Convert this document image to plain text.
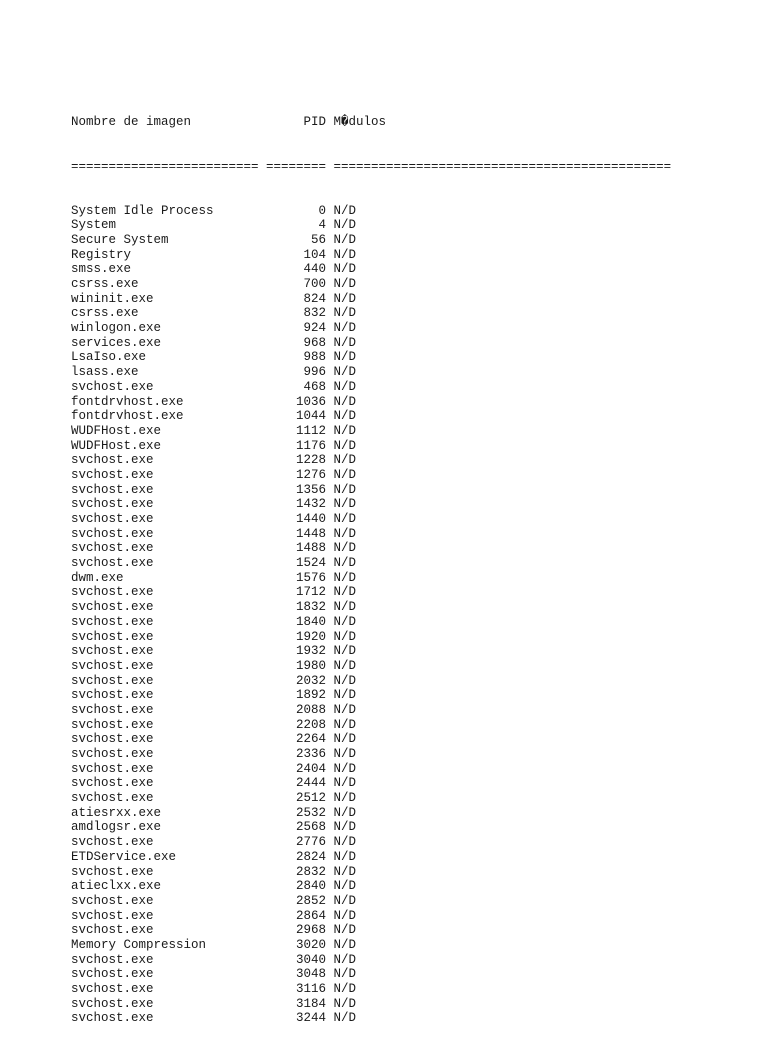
Nombre de imagen	PID M�dulos

========================= ======== =============================================

System Idle Process	0 N/D
System	4 N/D
Secure System	56 N/D
Registry	104 N/D
smss.exe	440 N/D
csrss.exe	700 N/D
wininit.exe	824 N/D
csrss.exe	832 N/D
winlogon.exe	924 N/D
services.exe	968 N/D
LsaIso.exe	988 N/D
lsass.exe	996 N/D
svchost.exe	468 N/D
fontdrvhost.exe	1036 N/D
fontdrvhost.exe	1044 N/D
WUDFHost.exe	1112 N/D
WUDFHost.exe	1176 N/D
svchost.exe	1228 N/D
svchost.exe	1276 N/D
svchost.exe	1356 N/D
svchost.exe	1432 N/D
svchost.exe	1440 N/D
svchost.exe	1448 N/D
svchost.exe	1488 N/D
svchost.exe	1524 N/D
dwm.exe	1576 N/D
svchost.exe	1712 N/D
svchost.exe	1832 N/D
svchost.exe	1840 N/D
svchost.exe	1920 N/D
svchost.exe	1932 N/D
svchost.exe	1980 N/D
svchost.exe	2032 N/D
svchost.exe	1892 N/D
svchost.exe	2088 N/D
svchost.exe	2208 N/D
svchost.exe	2264 N/D
svchost.exe	2336 N/D
svchost.exe	2404 N/D
svchost.exe	2444 N/D
svchost.exe	2512 N/D
atiesrxx.exe	2532 N/D
amdlogsr.exe	2568 N/D
svchost.exe	2776 N/D
ETDService.exe	2824 N/D
svchost.exe	2832 N/D
atieclxx.exe	2840 N/D
svchost.exe	2852 N/D
svchost.exe	2864 N/D
svchost.exe	2968 N/D
Memory Compression	3020 N/D
svchost.exe	3040 N/D
svchost.exe	3048 N/D
svchost.exe	3116 N/D
svchost.exe	3184 N/D
svchost.exe	3244 N/D
